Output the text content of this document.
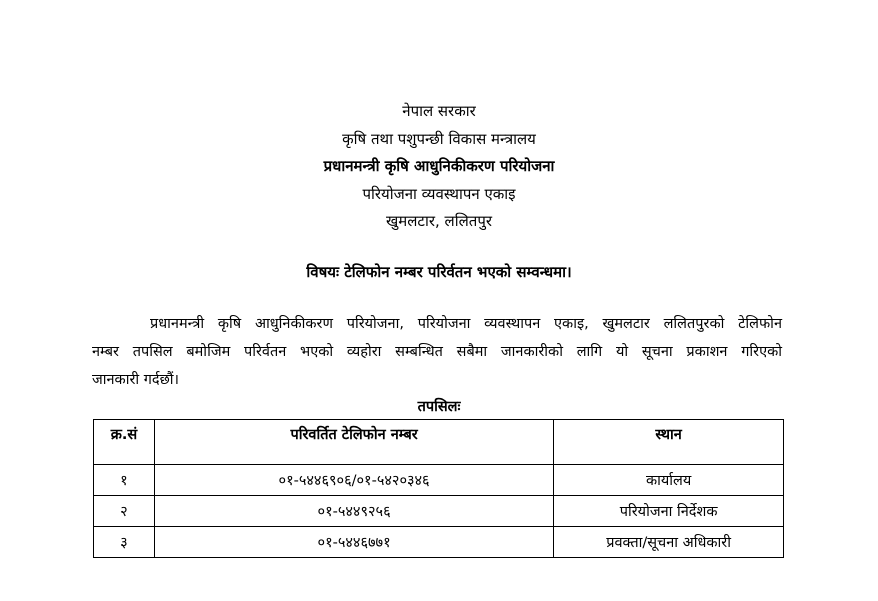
नेपाल सरकार
कृषि तथा पशुपन्छी विकास मन्त्रालय
प्रधानमन्त्री कृषि आधुनिकीकरण परियोजना
परियोजना व्यवस्थापन एकाइ
खुमलटार, ललितपुर
विषयः टेलिफोन नम्बर परिर्वतन भएको सम्वन्धमा।
प्रधानमन्त्री कृषि आधुनिकीकरण परियोजना, परियोजना व्यवस्थापन एकाइ, खुमलटार ललितपुरको टेलिफोन
नम्बर तपसिल बमोजिम परिर्वतन भएको व्यहोरा सम्बन्धित सबैमा जानकारीको लागि यो सूचना प्रकाशन गरिएको
जानकारी गर्दछौं।
तपसिलः
क्र.सं	परिवर्तित टेलिफोन नम्बर	स्थान
१	०१-५४४६९०६/०१-५४२०३४६	कार्यालय
२	०१-५४४९२५६	परियोजना निर्देशक
३	०१-५४४६७७१	प्रवक्ता/सूचना अधिकारी
